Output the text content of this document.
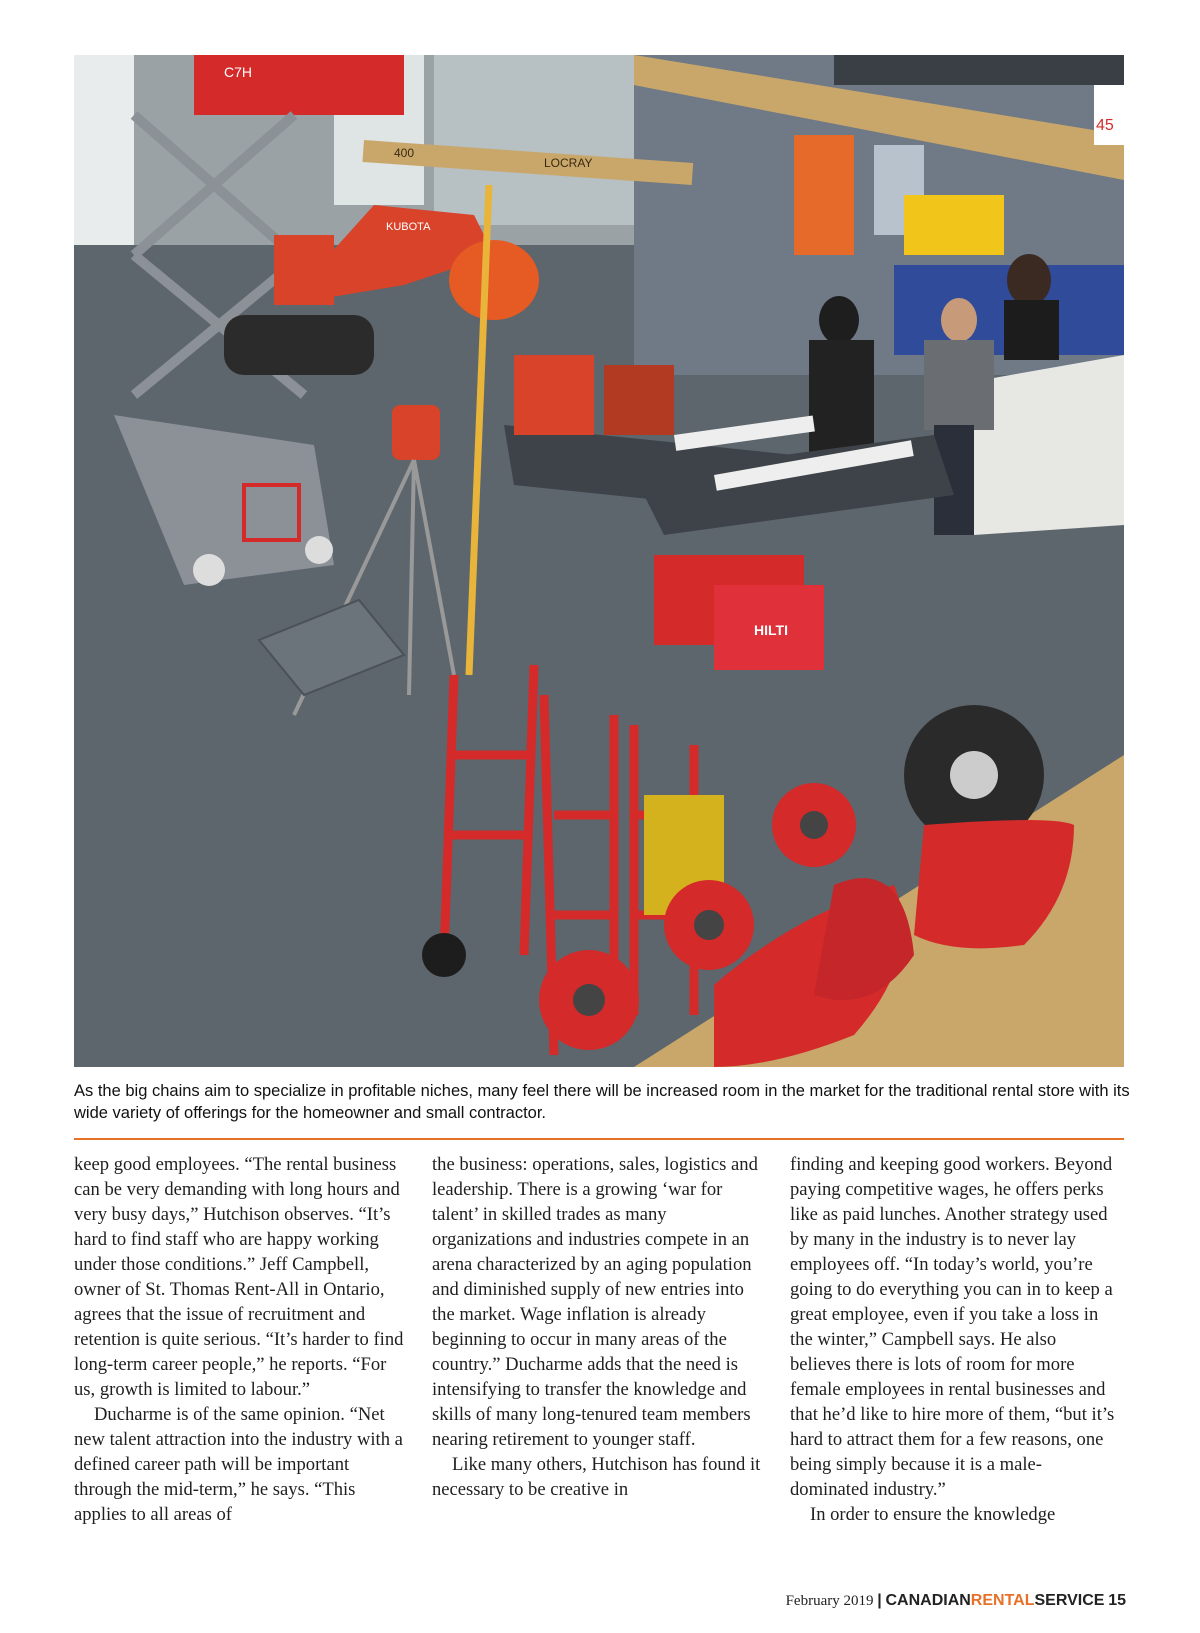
C7H
KUBOTA
400
LOCRAY
HILTI
45
As the big chains aim to specialize in profitable niches, many feel there will be increased room in the market for the traditional rental store with its wide variety of offerings for the homeowner and small contractor.

keep good employees. “The rental business can be very demanding with long hours and very busy days,” Hutchison observes. “It’s hard to find staff who are happy working under those conditions.” Jeff Campbell, owner of St. Thomas Rent-All in Ontario, agrees that the issue of recruitment and retention is quite serious. “It’s harder to find long-term career people,” he reports. “For us, growth is limited to labour.”

Ducharme is of the same opinion. “Net new talent attraction into the industry with a defined career path will be important through the mid-term,” he says. “This applies to all areas of

the business: operations, sales, logistics and leadership. There is a growing ‘war for talent’ in skilled trades as many organizations and industries compete in an arena characterized by an aging population and diminished supply of new entries into the market. Wage inflation is already beginning to occur in many areas of the country.” Ducharme adds that the need is intensifying to transfer the knowledge and skills of many long-tenured team members nearing retirement to younger staff.

Like many others, Hutchison has found it necessary to be creative in

finding and keeping good workers. Beyond paying competitive wages, he offers perks like as paid lunches. Another strategy used by many in the industry is to never lay employees off. “In today’s world, you’re going to do everything you can in to keep a great employee, even if you take a loss in the winter,” Campbell says. He also believes there is lots of room for more female employees in rental businesses and that he’d like to hire more of them, “but it’s hard to attract them for a few reasons, one being simply because it is a male-dominated industry.”

In order to ensure the knowledge

February 2019 | CANADIANRENTALSERVICE 15
